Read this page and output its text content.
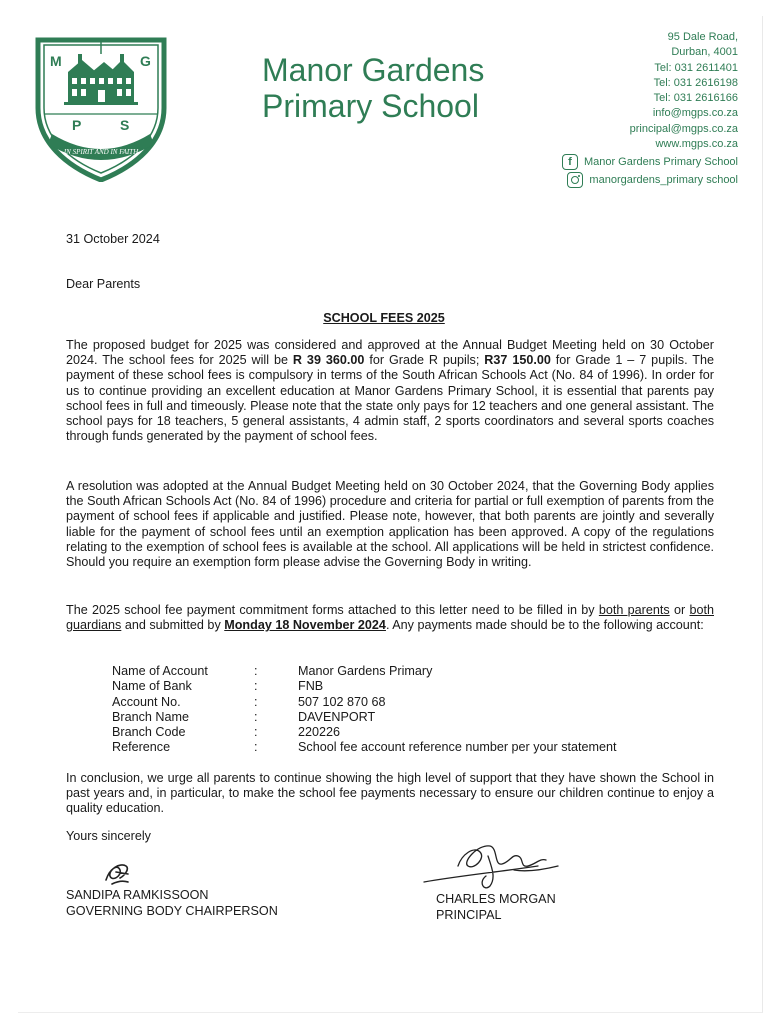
IN SPIRIT AND IN FAITH
M	G
P	S
Manor Gardens
Primary School
95 Dale Road,
Durban, 4001
Tel: 031 2611401
Tel: 031 2616198
Tel: 031 2616166
info@mgps.co.za
principal@mgps.co.za
www.mgps.co.za
f	Manor Gardens Primary School
manorgardens_primary school
31 October 2024
Dear Parents
SCHOOL FEES 2025
The proposed budget for 2025 was considered and approved at the Annual Budget Meeting held on 30 October 2024. The school fees for 2025 will be R 39 360.00 for Grade R pupils; R37 150.00 for Grade 1 – 7 pupils. The payment of these school fees is compulsory in terms of the South African Schools Act (No. 84 of 1996). In order for us to continue providing an excellent education at Manor Gardens Primary School, it is essential that parents pay school fees in full and timeously. Please note that the state only pays for 12 teachers and one general assistant. The school pays for 18 teachers, 5 general assistants, 4 admin staff, 2 sports coordinators and several sports coaches through funds generated by the payment of school fees.
A resolution was adopted at the Annual Budget Meeting held on 30 October 2024, that the Governing Body applies the South African Schools Act (No. 84 of 1996) procedure and criteria for partial or full exemption of parents from the payment of school fees if applicable and justified. Please note, however, that both parents are jointly and severally liable for the payment of school fees until an exemption application has been approved. A copy of the regulations relating to the exemption of school fees is available at the school. All applications will be held in strictest confidence. Should you require an exemption form please advise the Governing Body in writing.
The 2025 school fee payment commitment forms attached to this letter need to be filled in by both parents or both guardians and submitted by Monday 18 November 2024. Any payments made should be to the following account:
Name of Account	:	Manor Gardens Primary
Name of Bank	:	FNB
Account No.	:	507 102 870 68
Branch Name	:	DAVENPORT
Branch Code	:	220226
Reference	:	School fee account reference number per your statement
In conclusion, we urge all parents to continue showing the high level of support that they have shown the School in past years and, in particular, to make the school fee payments necessary to ensure our children continue to enjoy a quality education.
Yours sincerely
SANDIPA RAMKISSOON
GOVERNING BODY CHAIRPERSON
CHARLES MORGAN
PRINCIPAL
